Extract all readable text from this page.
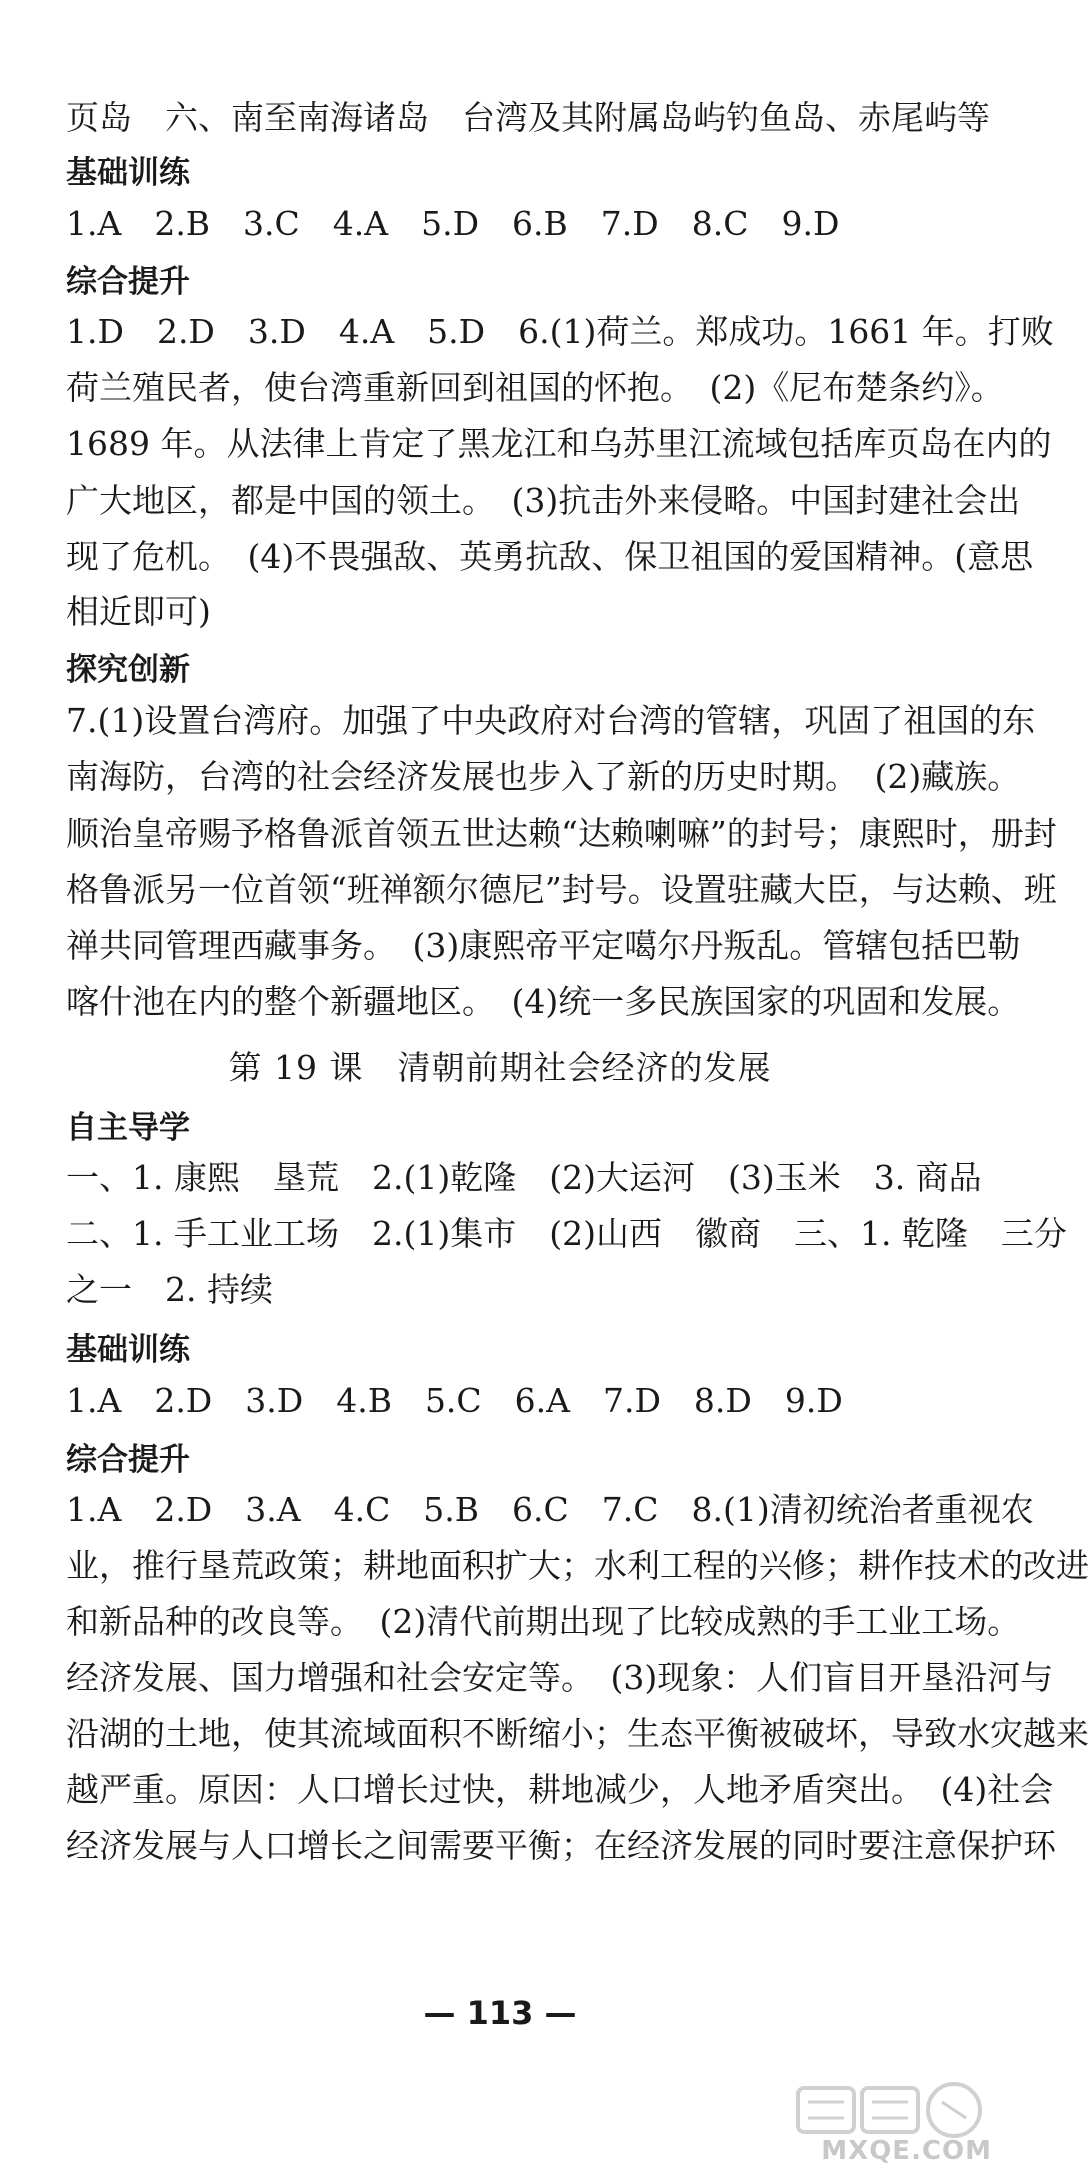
页岛　六、南至南海诸岛　台湾及其附属岛屿钓鱼岛、赤尾屿等
基础训练
1.A　2.B　3.C　4.A　5.D　6.B　7.D　8.C　9.D
综合提升
1.D　2.D　3.D　4.A　5.D　6.(1)荷兰。郑成功。1661 年。打败
荷兰殖民者，使台湾重新回到祖国的怀抱。　(2)《尼布楚条约》。
1689 年。从法律上肯定了黑龙江和乌苏里江流域包括库页岛在内的
广大地区，都是中国的领土。　(3)抗击外来侵略。中国封建社会出
现了危机。　(4)不畏强敌、英勇抗敌、保卫祖国的爱国精神。(意思
相近即可)
探究创新
7.(1)设置台湾府。加强了中央政府对台湾的管辖，巩固了祖国的东
南海防，台湾的社会经济发展也步入了新的历史时期。　(2)藏族。
顺治皇帝赐予格鲁派首领五世达赖“达赖喇嘛”的封号；康熙时，册封
格鲁派另一位首领“班禅额尔德尼”封号。设置驻藏大臣，与达赖、班
禅共同管理西藏事务。　(3)康熙帝平定噶尔丹叛乱。管辖包括巴勒
喀什池在内的整个新疆地区。　(4)统一多民族国家的巩固和发展。
第 19 课　清朝前期社会经济的发展
自主导学
一、1. 康熙　垦荒　2.(1)乾隆　(2)大运河　(3)玉米　3. 商品
二、1. 手工业工场　2.(1)集市　(2)山西　徽商　三、1. 乾隆　三分
之一　2. 持续
基础训练
1.A　2.D　3.D　4.B　5.C　6.A　7.D　8.D　9.D
综合提升
1.A　2.D　3.A　4.C　5.B　6.C　7.C　8.(1)清初统治者重视农
业，推行垦荒政策；耕地面积扩大；水利工程的兴修；耕作技术的改进
和新品种的改良等。　(2)清代前期出现了比较成熟的手工业工场。
经济发展、国力增强和社会安定等。　(3)现象：人们盲目开垦沿河与
沿湖的土地，使其流域面积不断缩小；生态平衡被破坏，导致水灾越来
越严重。原因：人口增长过快，耕地减少，人地矛盾突出。　(4)社会
经济发展与人口增长之间需要平衡；在经济发展的同时要注意保护环
— 113 —
MXQE.COM
